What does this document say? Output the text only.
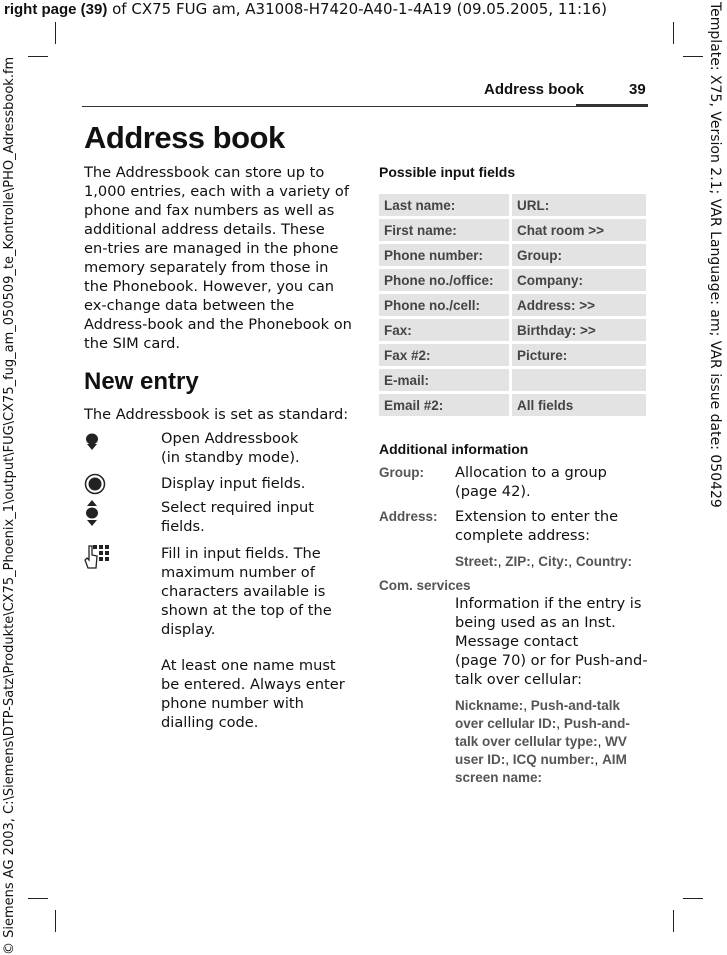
right page (39) of CX75 FUG am, A31008-H7420-A40-1-4A19 (09.05.2005, 11:16)	Template: X75, Version 2.1; VAR Language: am; VAR issue date: 050429
© Siemens AG 2003, C:\Siemens\DTP-Satz\Produkte\CX75_Phoenix_1\output\FUG\CX75_fug_am_050509_te_Kontrolle\PHO_Adressbook.fm	Address book	39
Address book
The Addressbook can store up to 1,000 entries, each with a variety of phone and fax numbers as well as additional address details. These en-tries are managed in the phone memory separately from those in the Phonebook. However, you can ex-change data between the Address-book and the Phonebook on the SIM card.
New entry
The Addressbook is set as standard:
Open Addressbook
(in standby mode).
Display input fields.
Select required input fields.
Fill in input fields. The maximum number of characters available is shown at the top of the display.
At least one name must be entered. Always enter phone number with dialling code.
Possible input fields
Last name:	URL:
First name:	Chat room >>
Phone number:	Group:
Phone no./office:	Company:
Phone no./cell:	Address: >>
Fax:	Birthday: >>
Fax #2:	Picture:
E-mail:	
Email #2:	All fields
Additional information
Group: Allocation to a group (page 42).
Address: Extension to enter the complete address:
Street:, ZIP:, City:, Country:
Com. services
Information if the entry is being used as an Inst. Message contact
(page 70) or for Push-and-talk over cellular:
Nickname:, Push-and-talk over cellular ID:, Push-and-talk over cellular type:, WV user ID:, ICQ number:, AIM screen name:
